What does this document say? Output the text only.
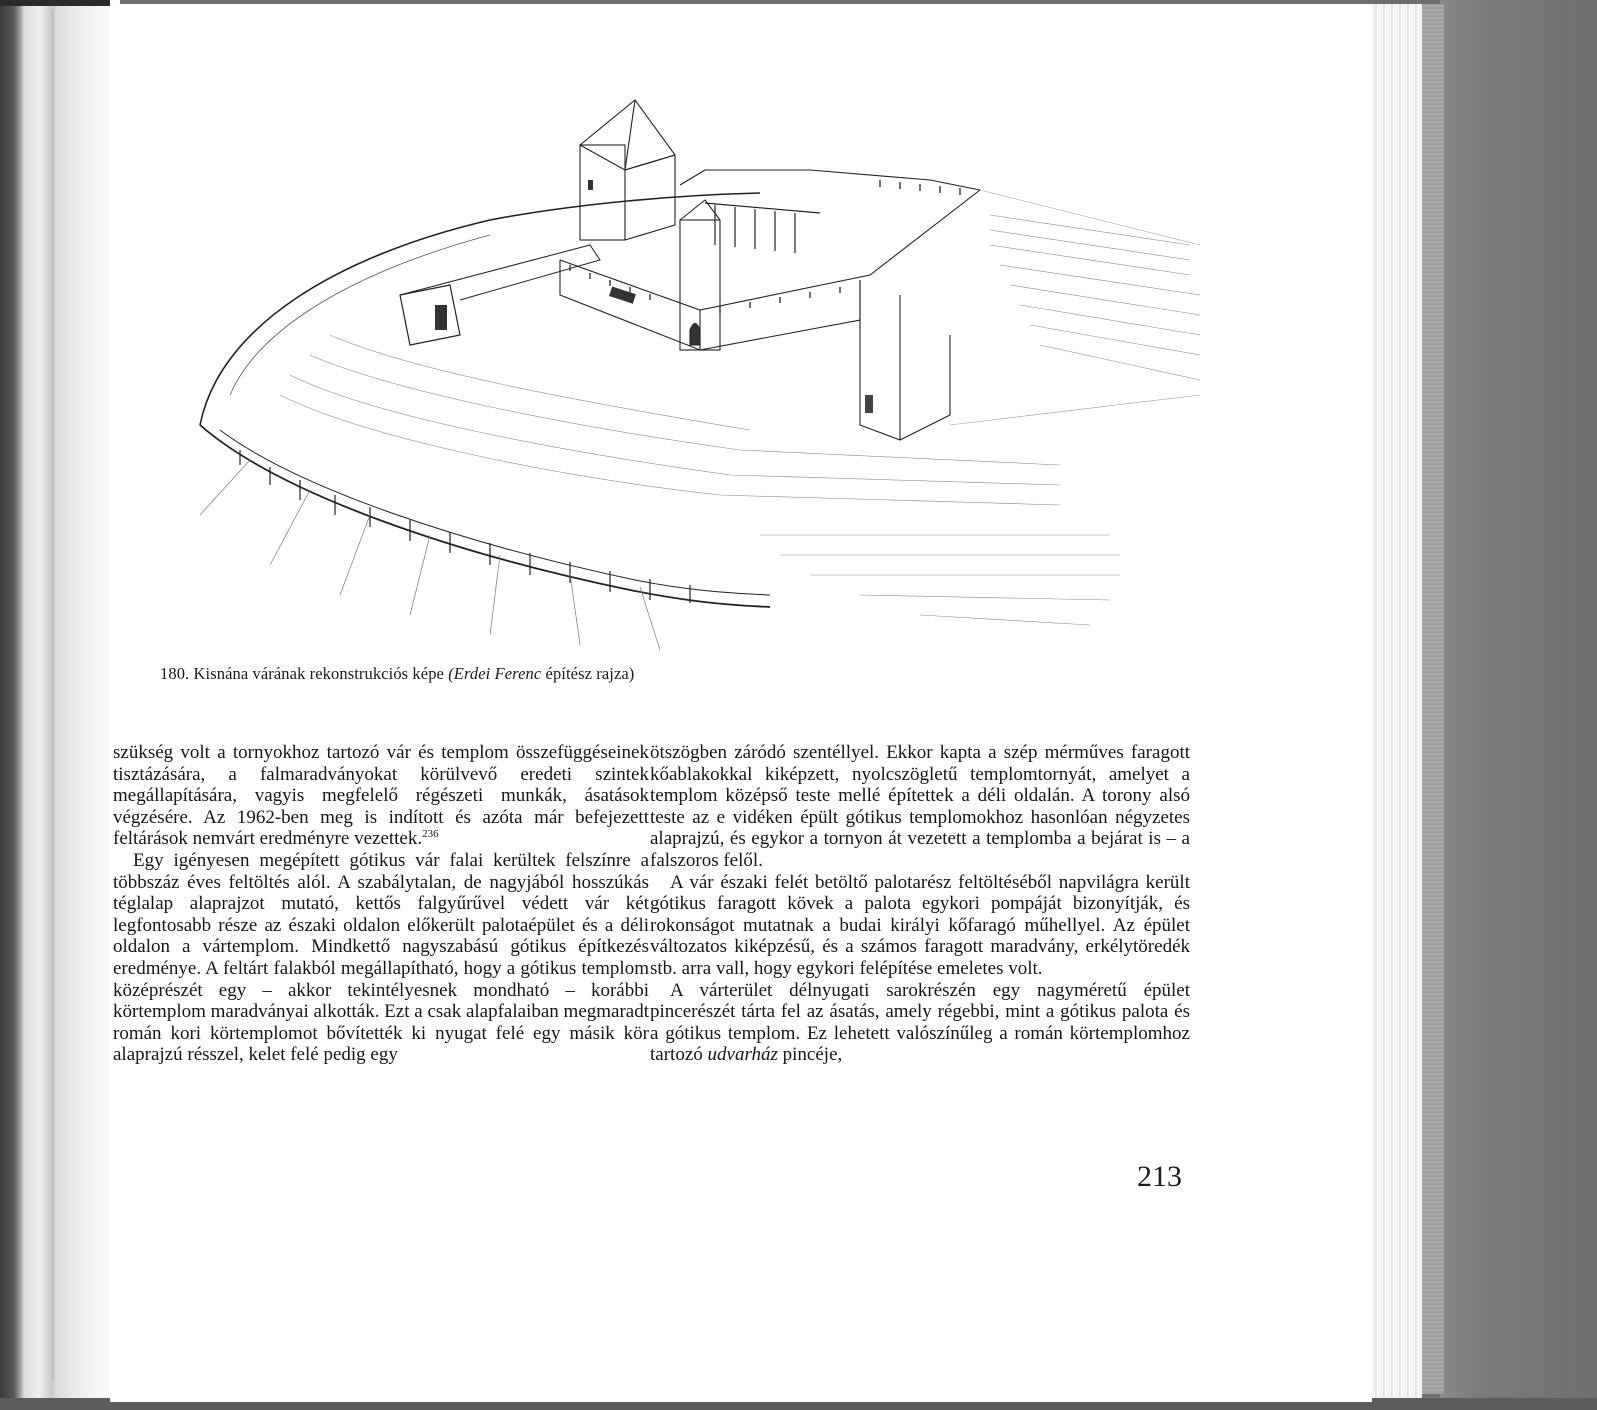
180. Kisnána várának rekonstrukciós képe (Erdei Ferenc építész rajza)

szükség volt a tornyokhoz tartozó vár és templom összefüggéseinek tisztázására, a falmaradványokat körülvevő eredeti szintek megállapítására, vagyis megfelelő régészeti munkák, ásatások végzésére. Az 1962-ben meg is indított és azóta már befejezett feltárások nemvárt eredményre vezettek.$^{236}$

Egy igényesen megépített gótikus vár falai kerültek felszínre a többszáz éves feltöltés alól. A szabálytalan, de nagyjából hosszúkás téglalap alaprajzot mutató, kettős falgyűrűvel védett vár két legfontosabb része az északi oldalon előkerült palotaépület és a déli oldalon a vártemplom. Mindkettő nagyszabású gótikus építkezés eredménye. A feltárt falakból megállapítható, hogy a gótikus templom középrészét egy – akkor tekintélyesnek mondható – korábbi körtemplom maradványai alkották. Ezt a csak alapfalaiban megmaradt román kori körtemplomot bővítették ki nyugat felé egy másik kör alaprajzú résszel, kelet felé pedig egy

ötszögben záródó szentéllyel. Ekkor kapta a szép mérműves faragott kőablakokkal kiképzett, nyolcszögletű templomtornyát, amelyet a templom középső teste mellé építettek a déli oldalán. A torony alsó teste az e vidéken épült gótikus templomokhoz hasonlóan négyzetes alaprajzú, és egykor a tornyon át vezetett a templomba a bejárat is – a falszoros felől.

A vár északi felét betöltő palotarész feltöltéséből napvilágra került gótikus faragott kövek a palota egykori pompáját bizonyítják, és rokonságot mutatnak a budai királyi kőfaragó műhellyel. Az épület változatos kiképzésű, és a számos faragott maradvány, erkélytöredék stb. arra vall, hogy egykori felépítése emeletes volt.

A várterület délnyugati sarokrészén egy nagyméretű épület pincerészét tárta fel az ásatás, amely régebbi, mint a gótikus palota és a gótikus templom. Ez lehetett valószínűleg a román körtemplomhoz tartozó udvarház pincéje,

213
